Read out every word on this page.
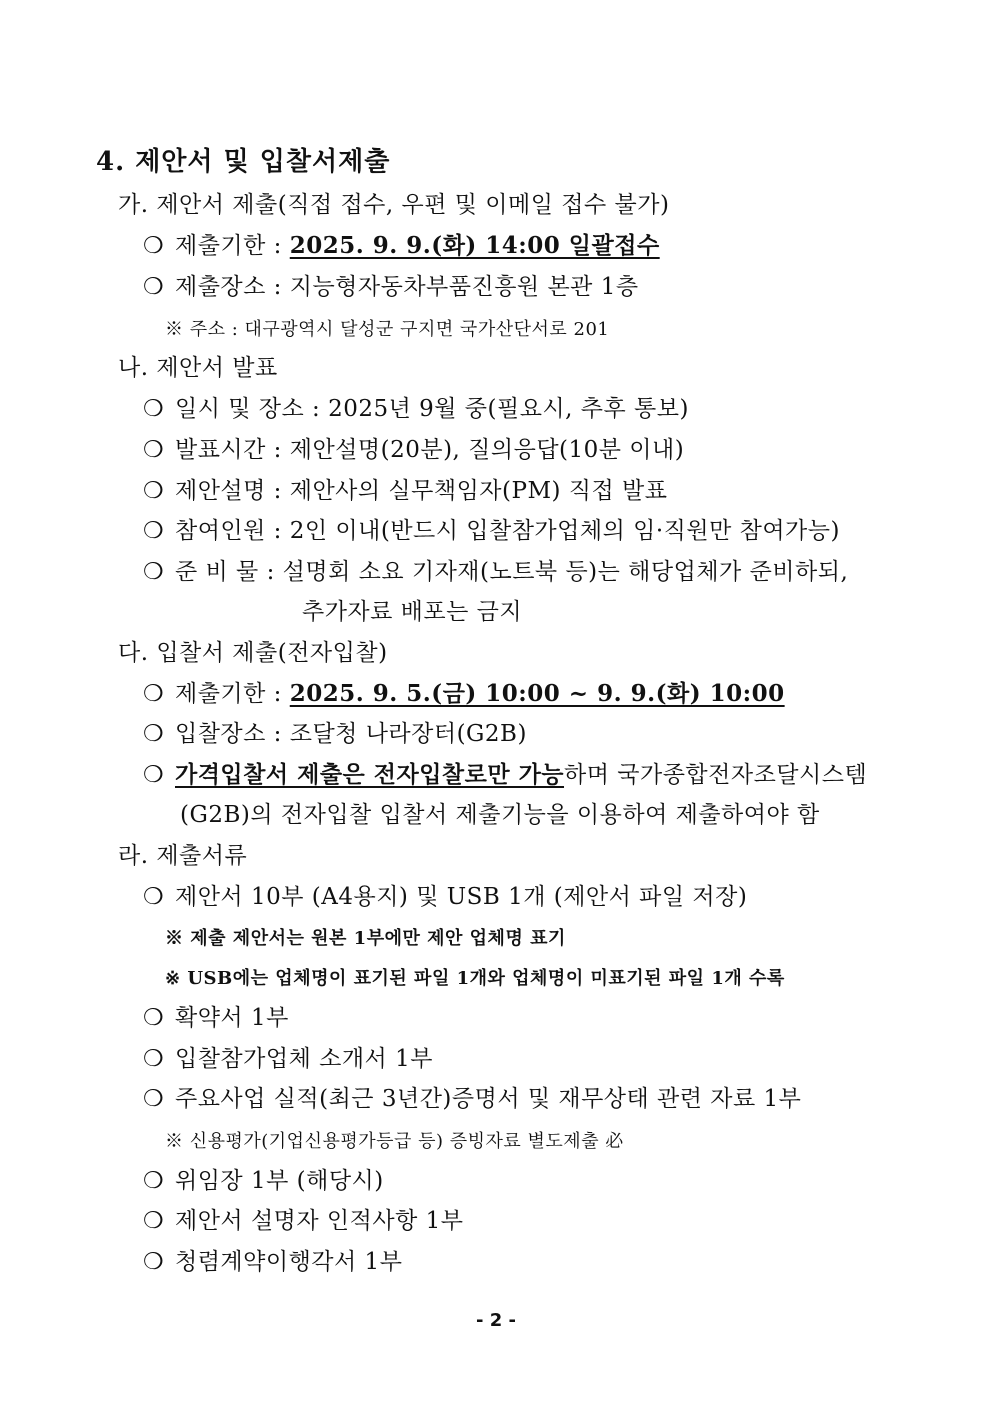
4. 제안서 및 입찰서제출
가. 제안서 제출(직접 접수, 우편 및 이메일 접수 불가)
❍ 제출기한 : 2025. 9. 9.(화) 14:00 일괄접수
❍ 제출장소 : 지능형자동차부품진흥원 본관 1층
※ 주소 : 대구광역시 달성군 구지면 국가산단서로 201
나. 제안서 발표
❍ 일시 및 장소 : 2025년 9월 중(필요시, 추후 통보)
❍ 발표시간 : 제안설명(20분), 질의응답(10분 이내)
❍ 제안설명 : 제안사의 실무책임자(PM) 직접 발표
❍ 참여인원 : 2인 이내(반드시 입찰참가업체의 임·직원만 참여가능)
❍ 준 비 물 : 설명회 소요 기자재(노트북 등)는 해당업체가 준비하되,
추가자료 배포는 금지
다. 입찰서 제출(전자입찰)
❍ 제출기한 : 2025. 9. 5.(금) 10:00 ~ 9. 9.(화) 10:00
❍ 입찰장소 : 조달청 나라장터(G2B)
❍ 가격입찰서 제출은 전자입찰로만 가능하며 국가종합전자조달시스템
(G2B)의 전자입찰 입찰서 제출기능을 이용하여 제출하여야 함
라. 제출서류
❍ 제안서 10부 (A4용지) 및 USB 1개 (제안서 파일 저장)
※ 제출 제안서는 원본 1부에만 제안 업체명 표기
※ USB에는 업체명이 표기된 파일 1개와 업체명이 미표기된 파일 1개 수록
❍ 확약서 1부
❍ 입찰참가업체 소개서 1부
❍ 주요사업 실적(최근 3년간)증명서 및 재무상태 관련 자료 1부
※ 신용평가(기업신용평가등급 등) 증빙자료 별도제출 必
❍ 위임장 1부 (해당시)
❍ 제안서 설명자 인적사항 1부
❍ 청렴계약이행각서 1부
- 2 -
